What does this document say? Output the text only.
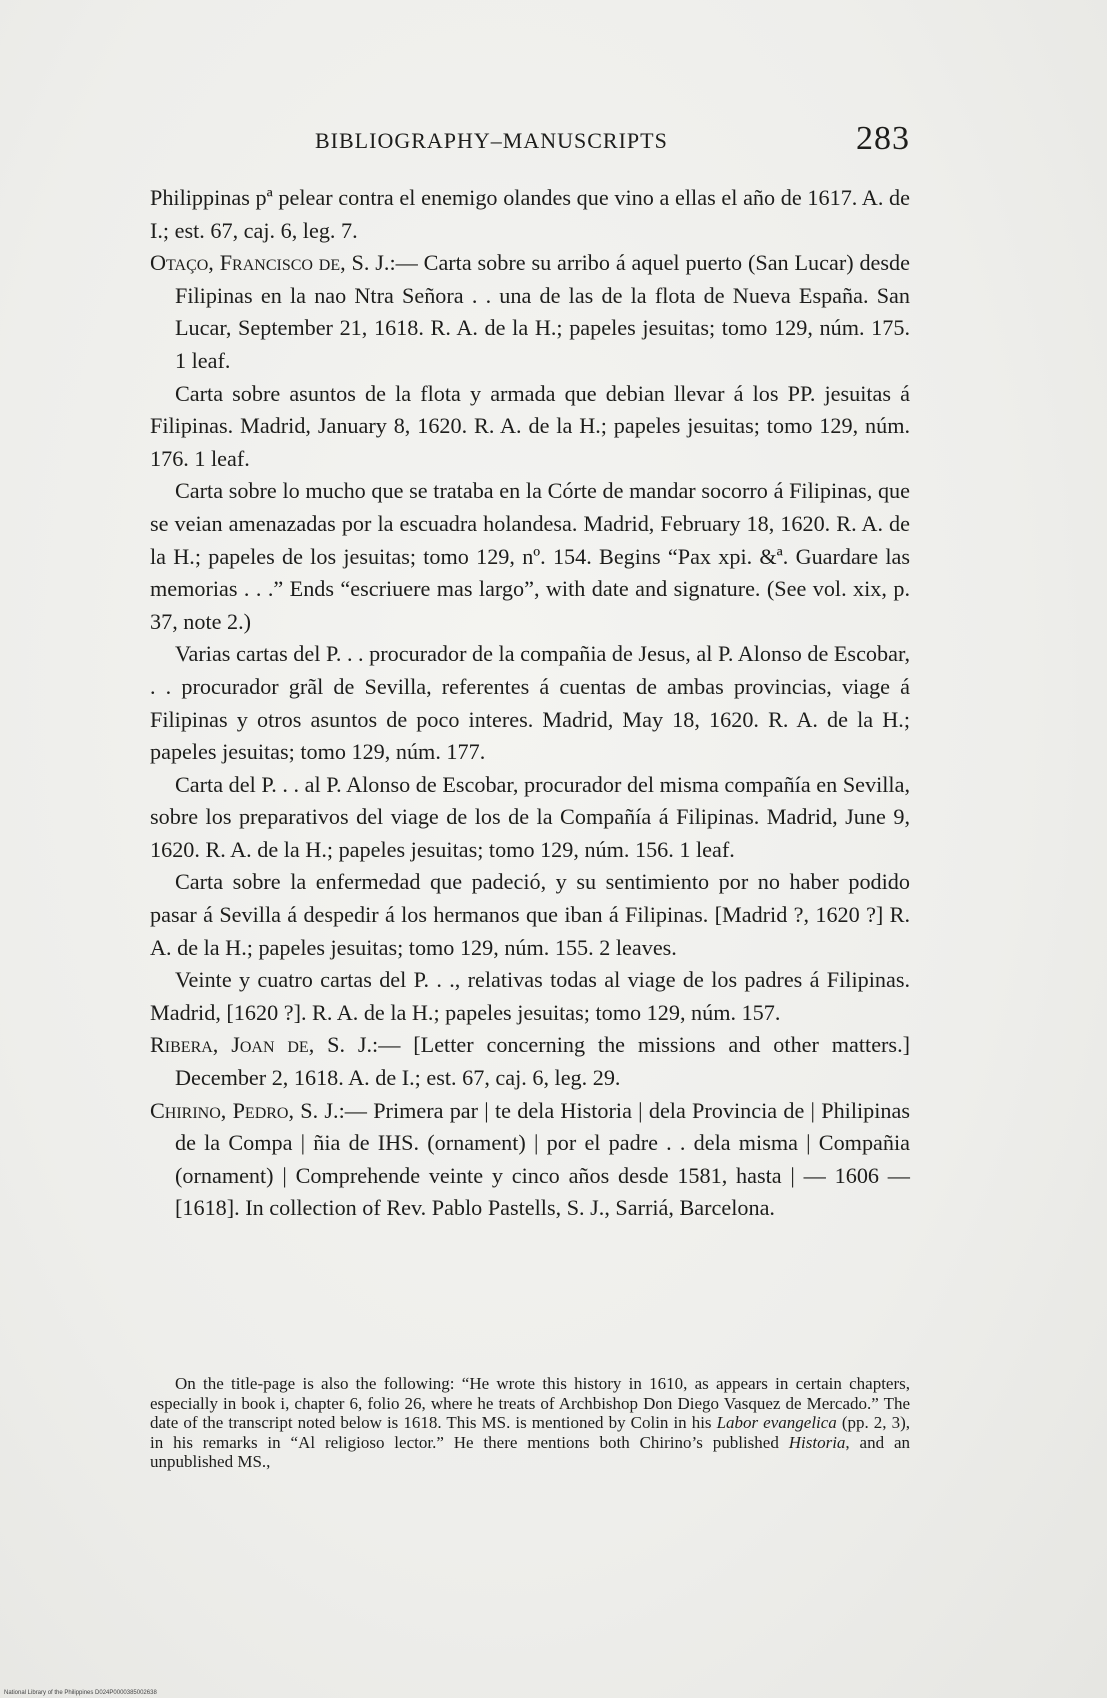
BIBLIOGRAPHY–MANUSCRIPTS	283

Philippinas pª pelear contra el enemigo olandes que vino a ellas el año de 1617. A. de I.; est. 67, caj. 6, leg. 7.

Otaço, Francisco de, S. J.:— Carta sobre su arribo á aquel puerto (San Lucar) desde Filipinas en la nao Ntra Señora . . una de las de la flota de Nueva España. San Lucar, September 21, 1618. R. A. de la H.; papeles jesuitas; tomo 129, núm. 175. 1 leaf.

Carta sobre asuntos de la flota y armada que debian llevar á los PP. jesuitas á Filipinas. Madrid, January 8, 1620. R. A. de la H.; papeles jesuitas; tomo 129, núm. 176. 1 leaf.

Carta sobre lo mucho que se trataba en la Córte de mandar socorro á Filipinas, que se veian amenazadas por la escuadra holandesa. Madrid, February 18, 1620. R. A. de la H.; papeles de los jesuitas; tomo 129, nº. 154. Begins “Pax xpi. &ª. Guardare las memorias . . .” Ends “escriuere mas largo”, with date and signature. (See vol. xix, p. 37, note 2.)

Varias cartas del P. . . procurador de la compañia de Jesus, al P. Alonso de Escobar, . . procurador grãl de Sevilla, referentes á cuentas de ambas provincias, viage á Filipinas y otros asuntos de poco interes. Madrid, May 18, 1620. R. A. de la H.; papeles jesuitas; tomo 129, núm. 177.

Carta del P. . . al P. Alonso de Escobar, procurador del misma compañía en Sevilla, sobre los preparativos del viage de los de la Compañía á Filipinas. Madrid, June 9, 1620. R. A. de la H.; papeles jesuitas; tomo 129, núm. 156. 1 leaf.

Carta sobre la enfermedad que padeció, y su sentimiento por no haber podido pasar á Sevilla á despedir á los hermanos que iban á Filipinas. [Madrid ?, 1620 ?] R. A. de la H.; papeles jesuitas; tomo 129, núm. 155. 2 leaves.

Veinte y cuatro cartas del P. . ., relativas todas al viage de los padres á Filipinas. Madrid, [1620 ?]. R. A. de la H.; papeles jesuitas; tomo 129, núm. 157.

Ribera, Joan de, S. J.:— [Letter concerning the missions and other matters.] December 2, 1618. A. de I.; est. 67, caj. 6, leg. 29.

Chirino, Pedro, S. J.:— Primera par | te dela Historia | dela Provincia de | Philipinas de la Compa | ñia de IHS. (ornament) | por el padre . . dela misma | Compañia (ornament) | Comprehende veinte y cinco años desde 1581, hasta | — 1606 — [1618]. In collection of Rev. Pablo Pastells, S. J., Sarriá, Barcelona.

On the title-page is also the following: “He wrote this history in 1610, as appears in certain chapters, especially in book i, chapter 6, folio 26, where he treats of Archbishop Don Diego Vasquez de Mercado.” The date of the transcript noted below is 1618. This MS. is mentioned by Colin in his Labor evangelica (pp. 2, 3), in his remarks in “Al religioso lector.” He there mentions both Chirino’s published Historia, and an unpublished MS.,

National Library of the Philippines D024P0000385002638
